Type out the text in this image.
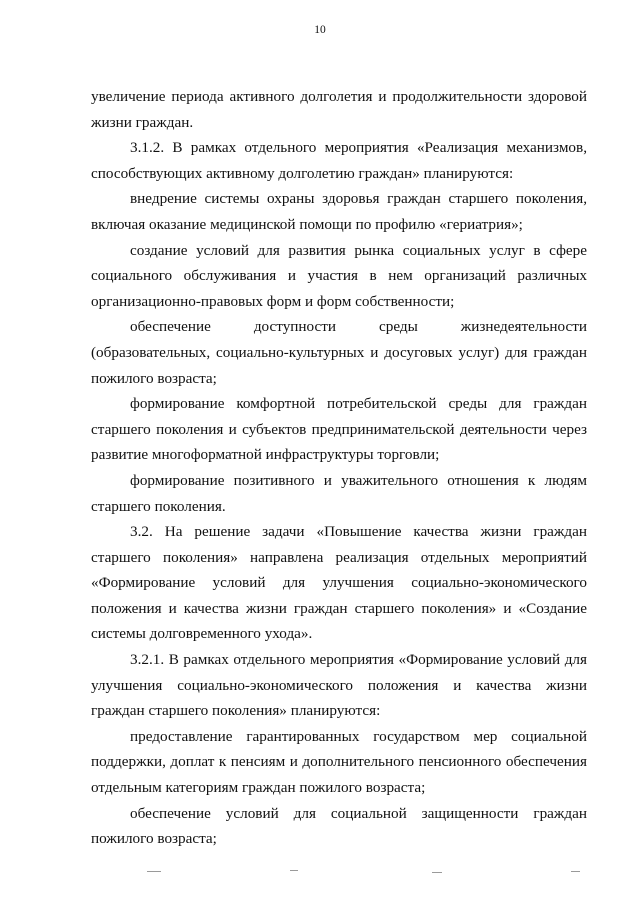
10

увеличение периода активного долголетия и продолжительности здоровой жизни граждан.

3.1.2. В рамках отдельного мероприятия «Реализация механизмов, способствующих активному долголетию граждан» планируются:

внедрение системы охраны здоровья граждан старшего поколения, включая оказание медицинской помощи по профилю «гериатрия»;

создание условий для развития рынка социальных услуг в сфере социального обслуживания и участия в нем организаций различных организационно-правовых форм и форм собственности;

обеспечение доступности среды жизнедеятельности (образовательных, социально-культурных и досуговых услуг) для граждан пожилого возраста;

формирование комфортной потребительской среды для граждан старшего поколения и субъектов предпринимательской деятельности через развитие многоформатной инфраструктуры торговли;

формирование позитивного и уважительного отношения к людям старшего поколения.

3.2. На решение задачи «Повышение качества жизни граждан старшего поколения» направлена реализация отдельных мероприятий «Формирование условий для улучшения социально-экономического положения и качества жизни граждан старшего поколения» и «Создание системы долговременного ухода».

3.2.1. В рамках отдельного мероприятия «Формирование условий для улучшения социально-экономического положения и качества жизни граждан старшего поколения» планируются:

предоставление гарантированных государством мер социальной поддержки, доплат к пенсиям и дополнительного пенсионного обеспечения отдельным категориям граждан пожилого возраста;

обеспечение условий для социальной защищенности граждан пожилого возраста;
